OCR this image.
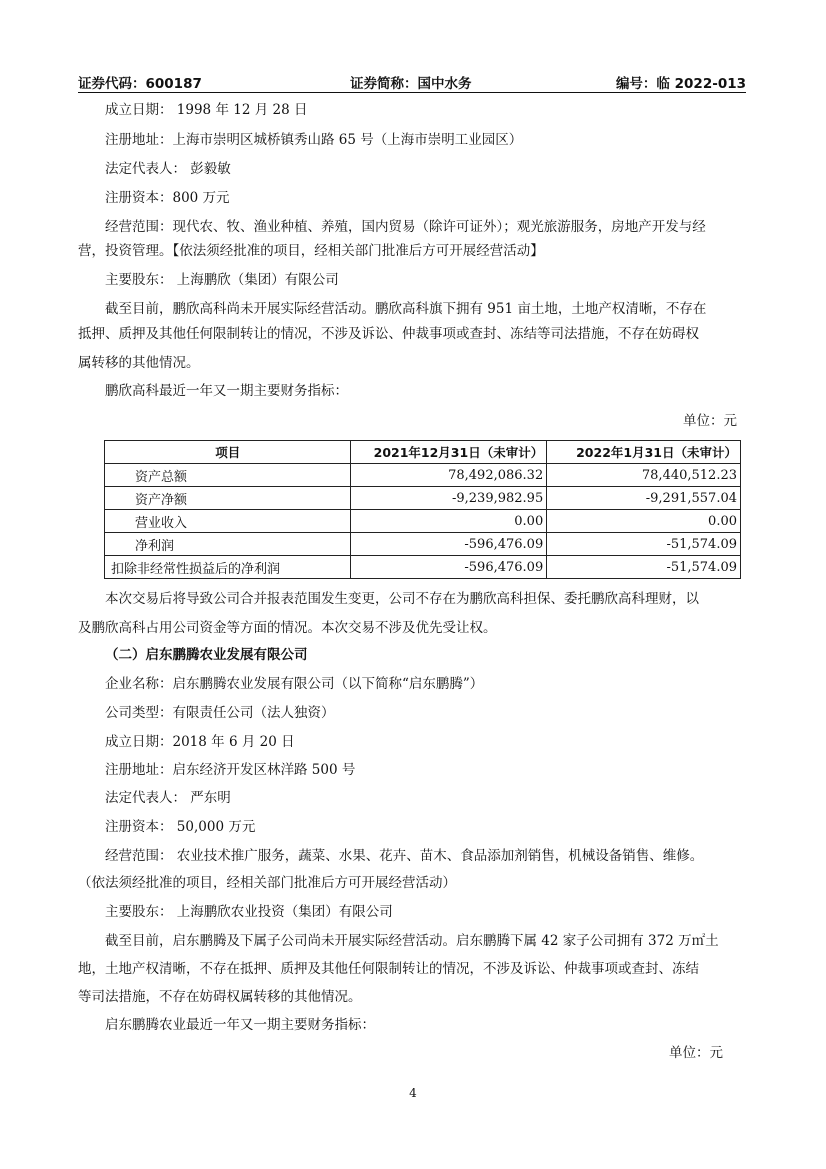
证券代码：600187	证券简称：国中水务	编号：临 2022-013
成立日期： 1998 年 12 月 28 日
注册地址：上海市崇明区城桥镇秀山路 65 号（上海市崇明工业园区）
法定代表人： 彭毅敏
注册资本：800 万元
经营范围：现代农、牧、渔业种植、养殖，国内贸易（除许可证外）；观光旅游服务，房地产开发与经
营，投资管理。【依法须经批准的项目，经相关部门批准后方可开展经营活动】
主要股东： 上海鹏欣（集团）有限公司
截至目前，鹏欣高科尚未开展实际经营活动。鹏欣高科旗下拥有 951 亩土地，土地产权清晰，不存在
抵押、质押及其他任何限制转让的情况，不涉及诉讼、仲裁事项或查封、冻结等司法措施，不存在妨碍权
属转移的其他情况。
鹏欣高科最近一年又一期主要财务指标：
单位：元
项目	2021年12月31日（未审计）	2022年1月31日（未审计）
资产总额	78,492,086.32	78,440,512.23
资产净额	-9,239,982.95	-9,291,557.04
营业收入	0.00	0.00
净利润	-596,476.09	-51,574.09
扣除非经常性损益后的净利润	-596,476.09	-51,574.09
本次交易后将导致公司合并报表范围发生变更，公司不存在为鹏欣高科担保、委托鹏欣高科理财，以
及鹏欣高科占用公司资金等方面的情况。本次交易不涉及优先受让权。
（二）启东鹏腾农业发展有限公司
企业名称：启东鹏腾农业发展有限公司（以下简称“启东鹏腾”）
公司类型：有限责任公司（法人独资）
成立日期：2018 年 6 月 20 日
注册地址：启东经济开发区林洋路 500 号
法定代表人： 严东明
注册资本： 50,000 万元
经营范围： 农业技术推广服务，蔬菜、水果、花卉、苗木、食品添加剂销售，机械设备销售、维修。
（依法须经批准的项目，经相关部门批准后方可开展经营活动）
主要股东： 上海鹏欣农业投资（集团）有限公司
截至目前，启东鹏腾及下属子公司尚未开展实际经营活动。启东鹏腾下属 42 家子公司拥有 372 万㎡土
地，土地产权清晰，不存在抵押、质押及其他任何限制转让的情况，不涉及诉讼、仲裁事项或查封、冻结
等司法措施，不存在妨碍权属转移的其他情况。
启东鹏腾农业最近一年又一期主要财务指标：
单位：元
4
